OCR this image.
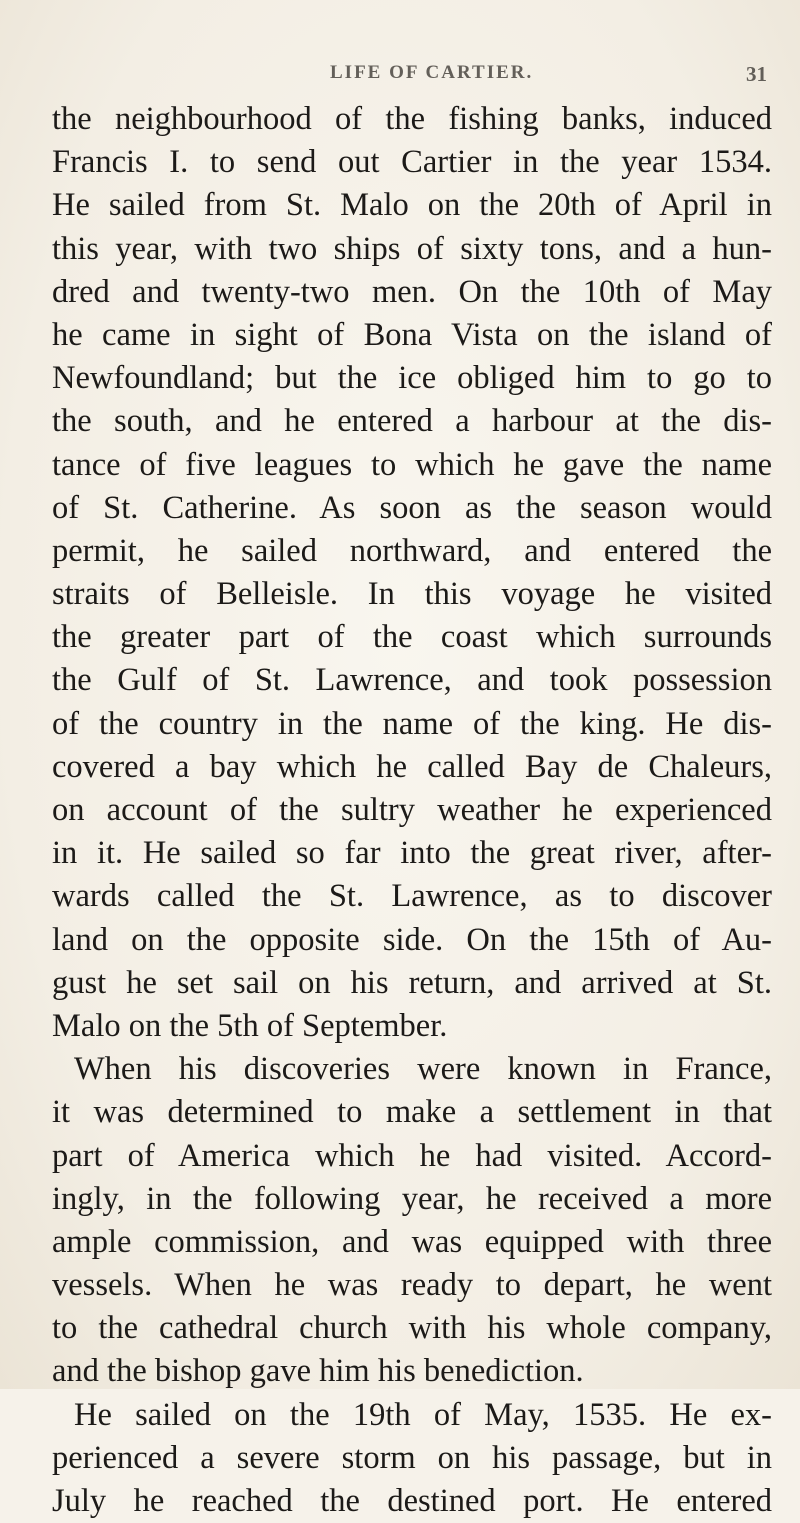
LIFE OF CARTIER.	31
the neighbourhood of the fishing banks, induced
Francis I. to send out Cartier in the year 1534.
He sailed from St. Malo on the 20th of April in
this year, with two ships of sixty tons, and a hun-
dred and twenty-two men. On the 10th of May
he came in sight of Bona Vista on the island of
Newfoundland; but the ice obliged him to go to
the south, and he entered a harbour at the dis-
tance of five leagues to which he gave the name
of St. Catherine. As soon as the season would
permit, he sailed northward, and entered the
straits of Belleisle. In this voyage he visited
the greater part of the coast which surrounds
the Gulf of St. Lawrence, and took possession
of the country in the name of the king. He dis-
covered a bay which he called Bay de Chaleurs,
on account of the sultry weather he experienced
in it. He sailed so far into the great river, after-
wards called the St. Lawrence, as to discover
land on the opposite side. On the 15th of Au-
gust he set sail on his return, and arrived at St.
Malo on the 5th of September.
When his discoveries were known in France,
it was determined to make a settlement in that
part of America which he had visited. Accord-
ingly, in the following year, he received a more
ample commission, and was equipped with three
vessels. When he was ready to depart, he went
to the cathedral church with his whole company,
and the bishop gave him his benediction.
He sailed on the 19th of May, 1535. He ex-
perienced a severe storm on his passage, but in
July he reached the destined port. He entered
